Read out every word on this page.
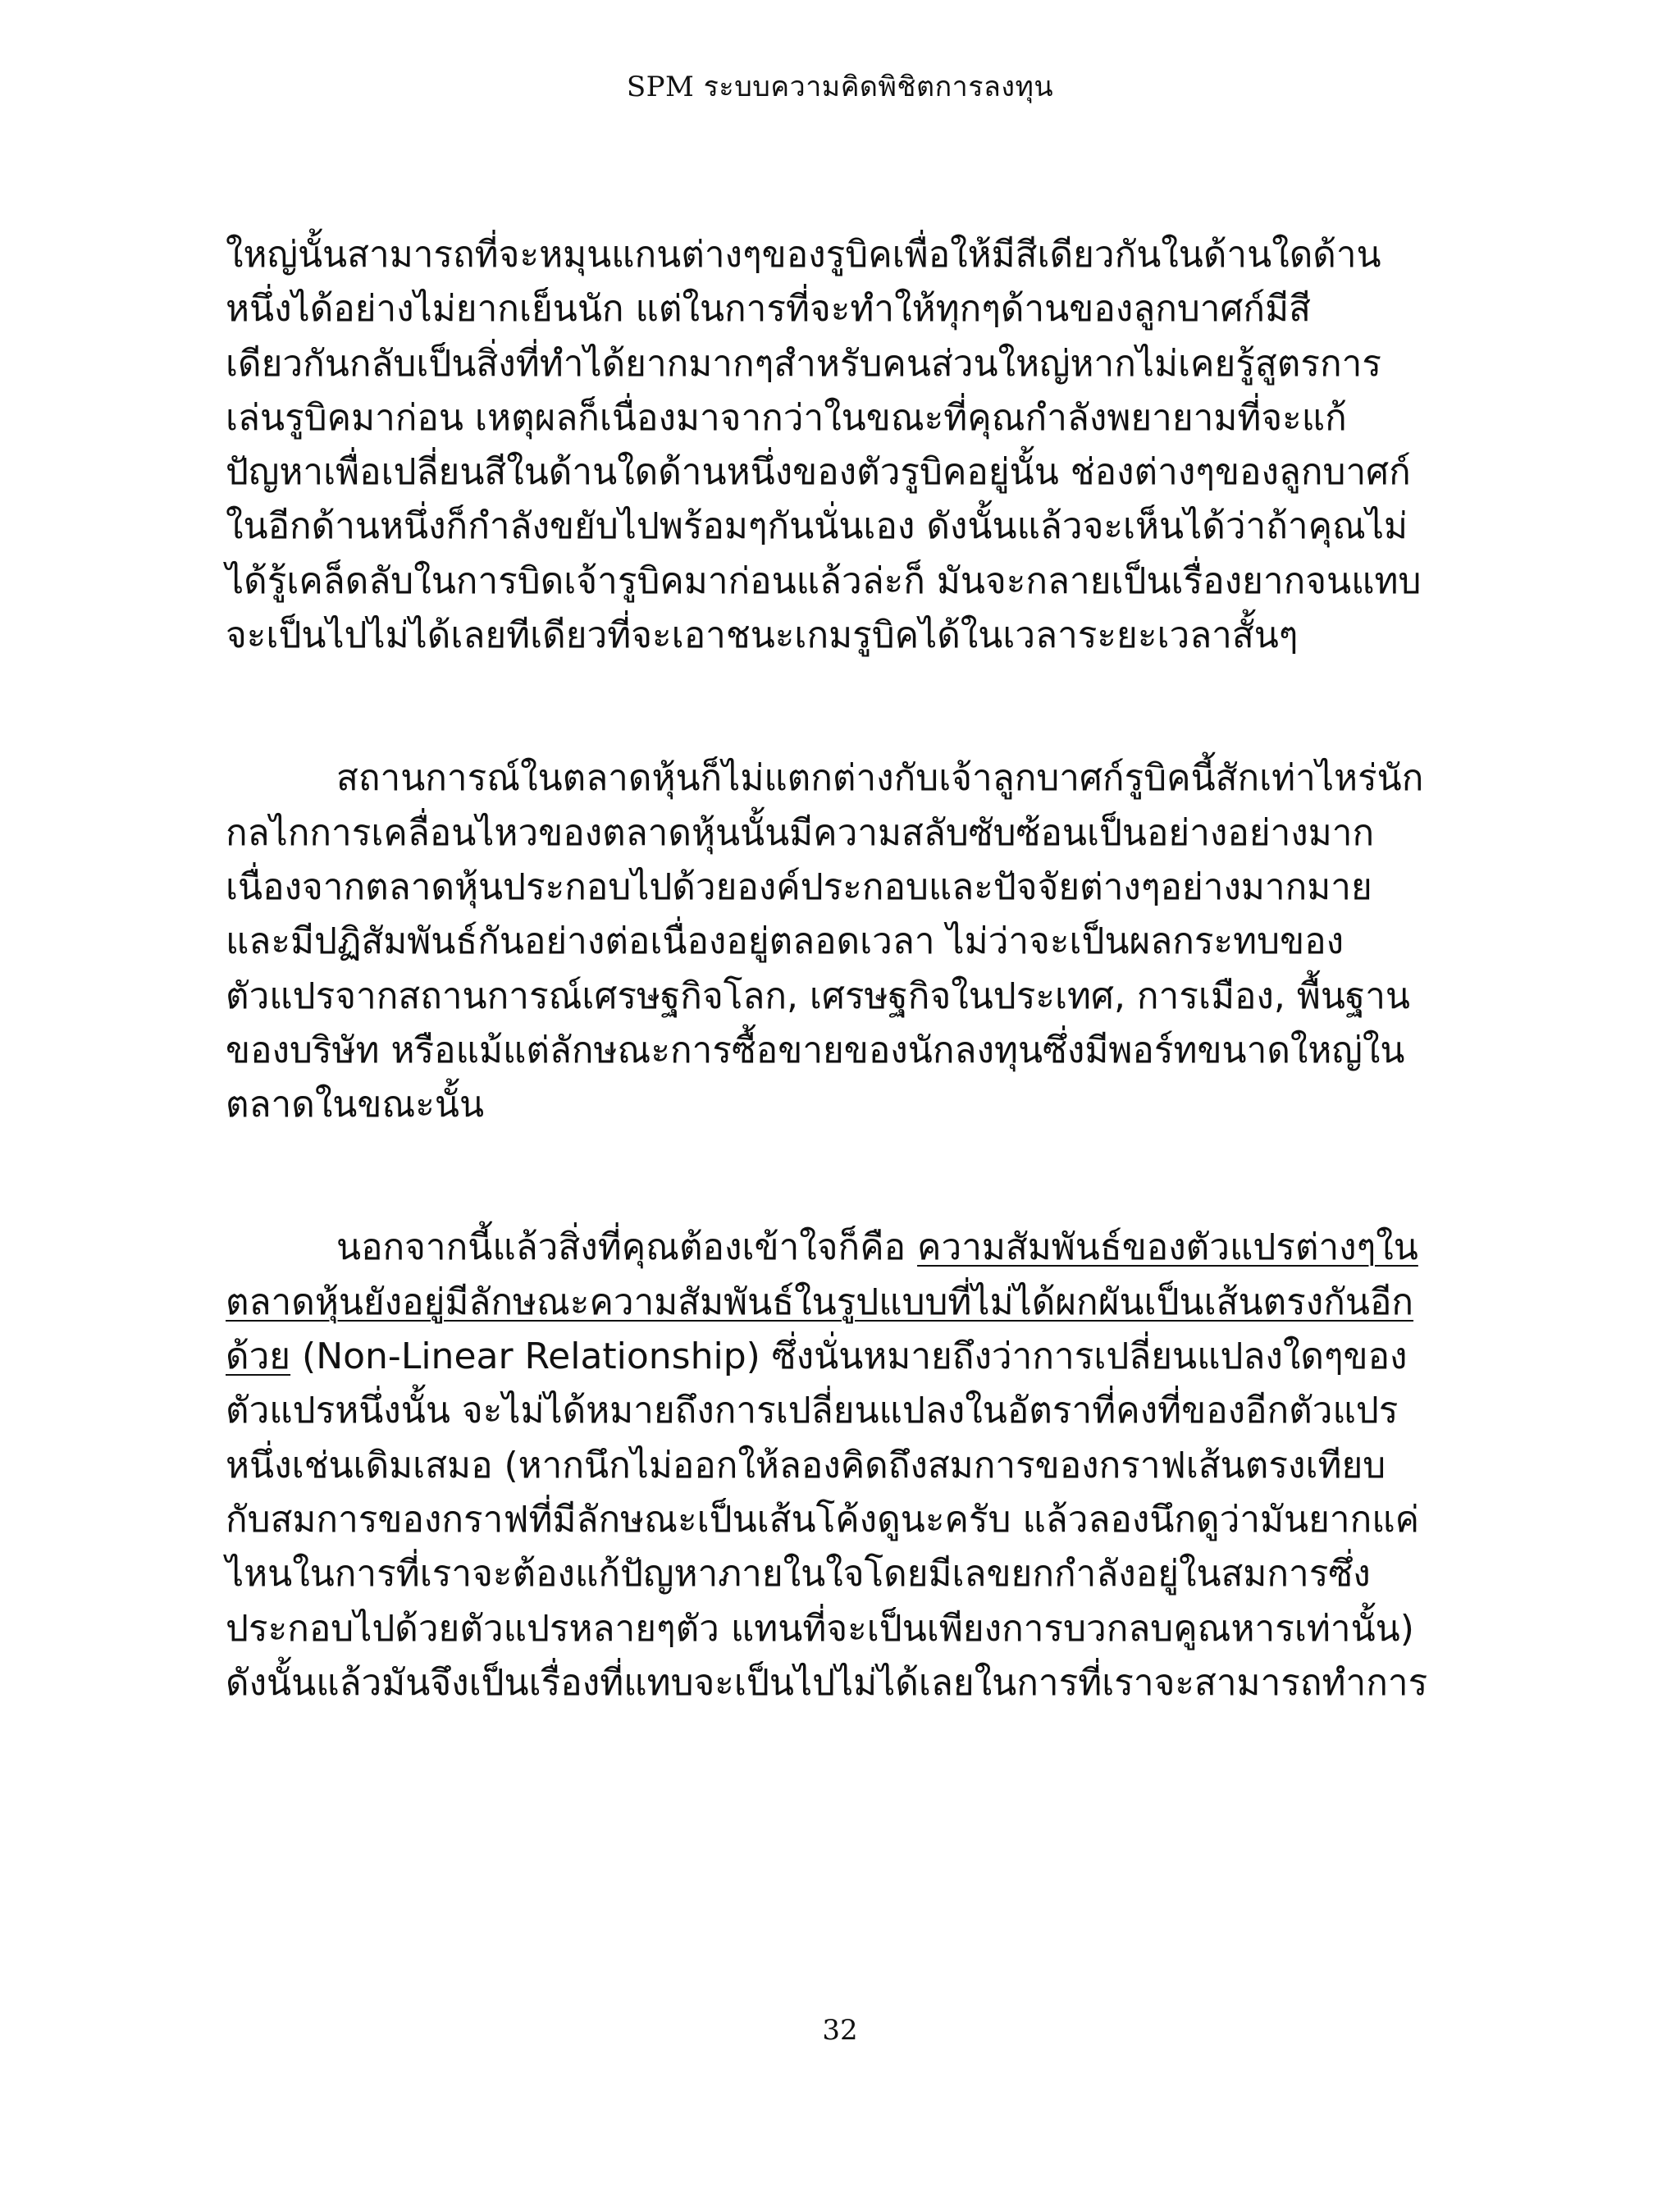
SPM ระบบความคิดพิชิตการลงทุน
ใหญ่นั้นสามารถที่จะหมุนแกนต่างๆของรูบิคเพื่อให้มีสีเดียวกันในด้านใดด้าน
หนึ่งได้อย่างไม่ยากเย็นนัก แต่ในการที่จะทำให้ทุกๆด้านของลูกบาศก์มีสี
เดียวกันกลับเป็นสิ่งที่ทำได้ยากมากๆสำหรับคนส่วนใหญ่หากไม่เคยรู้สูตรการ
เล่นรูบิคมาก่อน เหตุผลก็เนื่องมาจากว่าในขณะที่คุณกำลังพยายามที่จะแก้
ปัญหาเพื่อเปลี่ยนสีในด้านใดด้านหนึ่งของตัวรูบิคอยู่นั้น ช่องต่างๆของลูกบาศก์
ในอีกด้านหนึ่งก็กำลังขยับไปพร้อมๆกันนั่นเอง ดังนั้นแล้วจะเห็นได้ว่าถ้าคุณไม่
ได้รู้เคล็ดลับในการบิดเจ้ารูบิคมาก่อนแล้วล่ะก็ มันจะกลายเป็นเรื่องยากจนแทบ
จะเป็นไปไม่ได้เลยทีเดียวที่จะเอาชนะเกมรูบิคได้ในเวลาระยะเวลาสั้นๆ
สถานการณ์ในตลาดหุ้นก็ไม่แตกต่างกับเจ้าลูกบาศก์รูบิคนี้สักเท่าไหร่นัก
กลไกการเคลื่อนไหวของตลาดหุ้นนั้นมีความสลับซับซ้อนเป็นอย่างอย่างมาก
เนื่องจากตลาดหุ้นประกอบไปด้วยองค์ประกอบและปัจจัยต่างๆอย่างมากมาย
และมีปฏิสัมพันธ์กันอย่างต่อเนื่องอยู่ตลอดเวลา ไม่ว่าจะเป็นผลกระทบของ
ตัวแปรจากสถานการณ์เศรษฐกิจโลก, เศรษฐกิจในประเทศ, การเมือง, พื้นฐาน
ของบริษัท หรือแม้แต่ลักษณะการซื้อขายของนักลงทุนซึ่งมีพอร์ทขนาดใหญ่ใน
ตลาดในขณะนั้น
นอกจากนี้แล้วสิ่งที่คุณต้องเข้าใจก็คือ ความสัมพันธ์ของตัวแปรต่างๆใน
ตลาดหุ้นยังอยู่มีลักษณะความสัมพันธ์ในรูปแบบที่ไม่ได้ผกผันเป็นเส้นตรงกันอีก
ด้วย (Non-Linear Relationship) ซึ่งนั่นหมายถึงว่าการเปลี่ยนแปลงใดๆของ
ตัวแปรหนึ่งนั้น จะไม่ได้หมายถึงการเปลี่ยนแปลงในอัตราที่คงที่ของอีกตัวแปร
หนึ่งเช่นเดิมเสมอ (หากนึกไม่ออกให้ลองคิดถึงสมการของกราฟเส้นตรงเทียบ
กับสมการของกราฟที่มีลักษณะเป็นเส้นโค้งดูนะครับ แล้วลองนึกดูว่ามันยากแค่
ไหนในการที่เราจะต้องแก้ปัญหาภายในใจโดยมีเลขยกกำลังอยู่ในสมการซึ่ง
ประกอบไปด้วยตัวแปรหลายๆตัว แทนที่จะเป็นเพียงการบวกลบคูณหารเท่านั้น)
ดังนั้นแล้วมันจึงเป็นเรื่องที่แทบจะเป็นไปไม่ได้เลยในการที่เราจะสามารถทำการ
32
